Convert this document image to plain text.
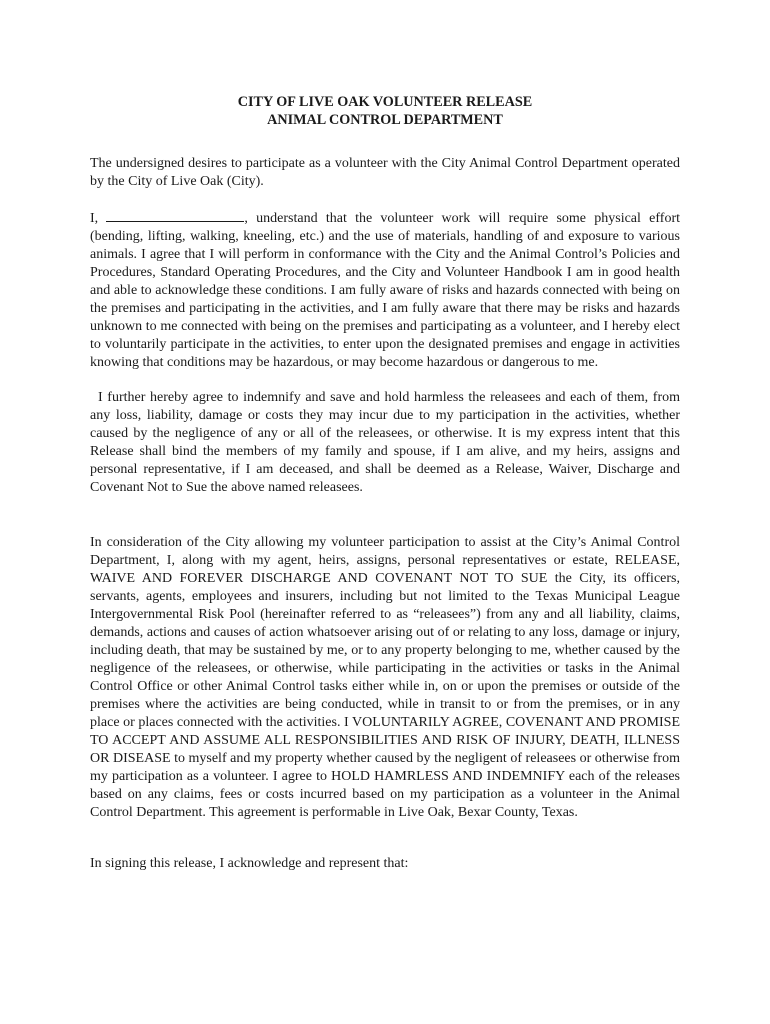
CITY OF LIVE OAK VOLUNTEER RELEASE
ANIMAL CONTROL DEPARTMENT

The undersigned desires to participate as a volunteer with the City Animal Control Department operated by the City of Live Oak (City).

I,	, understand that the volunteer work will require some physical effort (bending, lifting, walking, kneeling, etc.) and the use of materials, handling of and exposure to various animals. I agree that I will perform in conformance with the City and the Animal Control’s Policies and Procedures, Standard Operating Procedures, and the City and Volunteer Handbook I am in good health and able to acknowledge these conditions. I am fully aware of risks and hazards connected with being on the premises and participating in the activities, and I am fully aware that there may be risks and hazards unknown to me connected with being on the premises and participating as a volunteer, and I hereby elect to voluntarily participate in the activities, to enter upon the designated premises and engage in activities knowing that conditions may be hazardous, or may become hazardous or dangerous to me.

I further hereby agree to indemnify and save and hold harmless the releasees and each of them, from any loss, liability, damage or costs they may incur due to my participation in the activities, whether caused by the negligence of any or all of the releasees, or otherwise. It is my express intent that this Release shall bind the members of my family and spouse, if I am alive, and my heirs, assigns and personal representative, if I am deceased, and shall be deemed as a Release, Waiver, Discharge and Covenant Not to Sue the above named releasees.

In consideration of the City allowing my volunteer participation to assist at the City’s Animal Control Department, I, along with my agent, heirs, assigns, personal representatives or estate, RELEASE, WAIVE AND FOREVER DISCHARGE AND COVENANT NOT TO SUE the City, its officers, servants, agents, employees and insurers, including but not limited to the Texas Municipal League Intergovernmental Risk Pool (hereinafter referred to as “releasees”) from any and all liability, claims, demands, actions and causes of action whatsoever arising out of or relating to any loss, damage or injury, including death, that may be sustained by me, or to any property belonging to me, whether caused by the negligence of the releasees, or otherwise, while participating in the activities or tasks in the Animal Control Office or other Animal Control tasks either while in, on or upon the premises or outside of the premises where the activities are being conducted, while in transit to or from the premises, or in any place or places connected with the activities. I VOLUNTARILY AGREE, COVENANT AND PROMISE TO ACCEPT AND ASSUME ALL RESPONSIBILITIES AND RISK OF INJURY, DEATH, ILLNESS OR DISEASE to myself and my property whether caused by the negligent of releasees or otherwise from my participation as a volunteer. I agree to HOLD HAMRLESS AND INDEMNIFY each of the releases based on any claims, fees or costs incurred based on my participation as a volunteer in the Animal Control Department. This agreement is performable in Live Oak, Bexar County, Texas.

In signing this release, I acknowledge and represent that:
